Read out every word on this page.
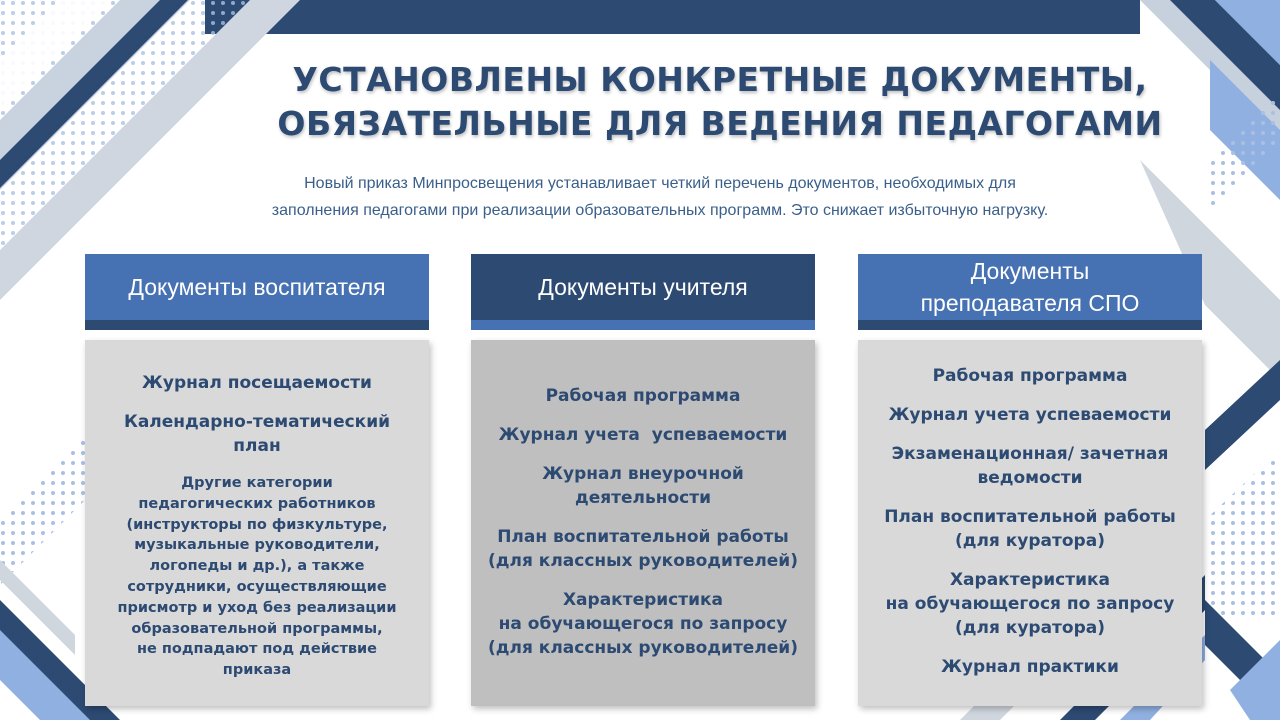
УСТАНОВЛЕНЫ КОНКРЕТНЫЕ ДОКУМЕНТЫ,
ОБЯЗАТЕЛЬНЫЕ ДЛЯ ВЕДЕНИЯ ПЕДАГОГАМИ
Новый приказ Минпросвещения устанавливает четкий перечень документов, необходимых для
заполнения педагогами при реализации образовательных программ. Это снижает избыточную нагрузку.
Документы воспитателя
Журнал посещаемости
Календарно-тематический
план
Другие категории
педагогических работников
(инструкторы по физкультуре,
музыкальные руководители,
логопеды и др.), а также
сотрудники, осуществляющие
присмотр и уход без реализации
образовательной программы,
не подпадают под действие
приказа
Документы учителя
Рабочая программа
Журнал учета  успеваемости
Журнал внеурочной
деятельности
План воспитательной работы
(для классных руководителей)
Характеристика
на обучающегося по запросу
(для классных руководителей)
Документы
преподавателя СПО
Рабочая программа
Журнал учета успеваемости
Экзаменационная/ зачетная
ведомости
План воспитательной работы
(для куратора)
Характеристика
на обучающегося по запросу
(для куратора)
Журнал практики
